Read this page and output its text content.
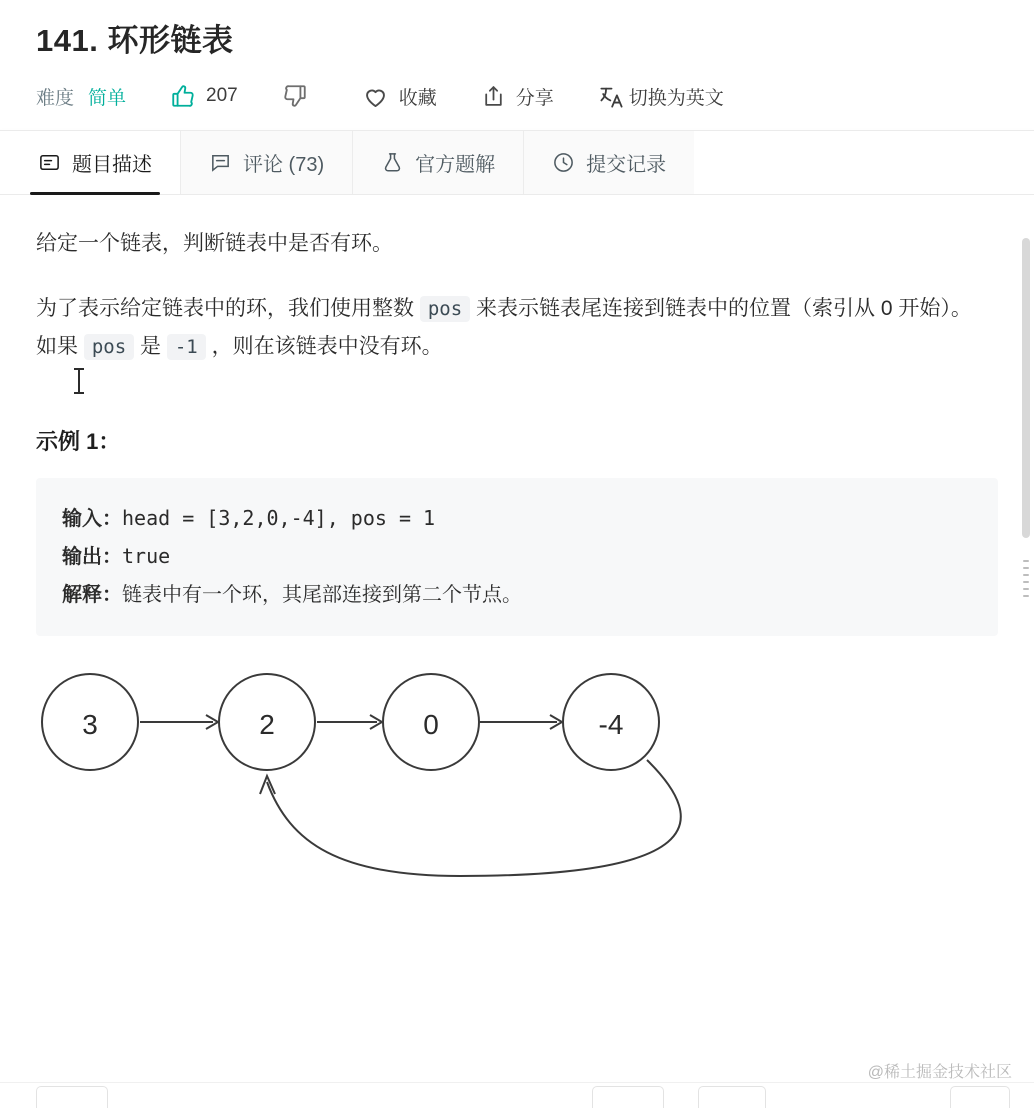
141. 环形链表
难度 简单	207	收藏	分享	切换为英文
题目描述	评论 (73)	官方题解	提交记录

给定一个链表，判断链表中是否有环。

为了表示给定链表中的环，我们使用整数 pos 来表示链表尾连接到链表中的位置（索引从 0 开始）。 如果 pos 是 -1 ，则在该链表中没有环。

示例 1：
输入：head = [3,2,0,-4], pos = 1
输出：true
解释：链表中有一个环，其尾部连接到第二个节点。
3	2	0	-4
@稀土掘金技术社区
